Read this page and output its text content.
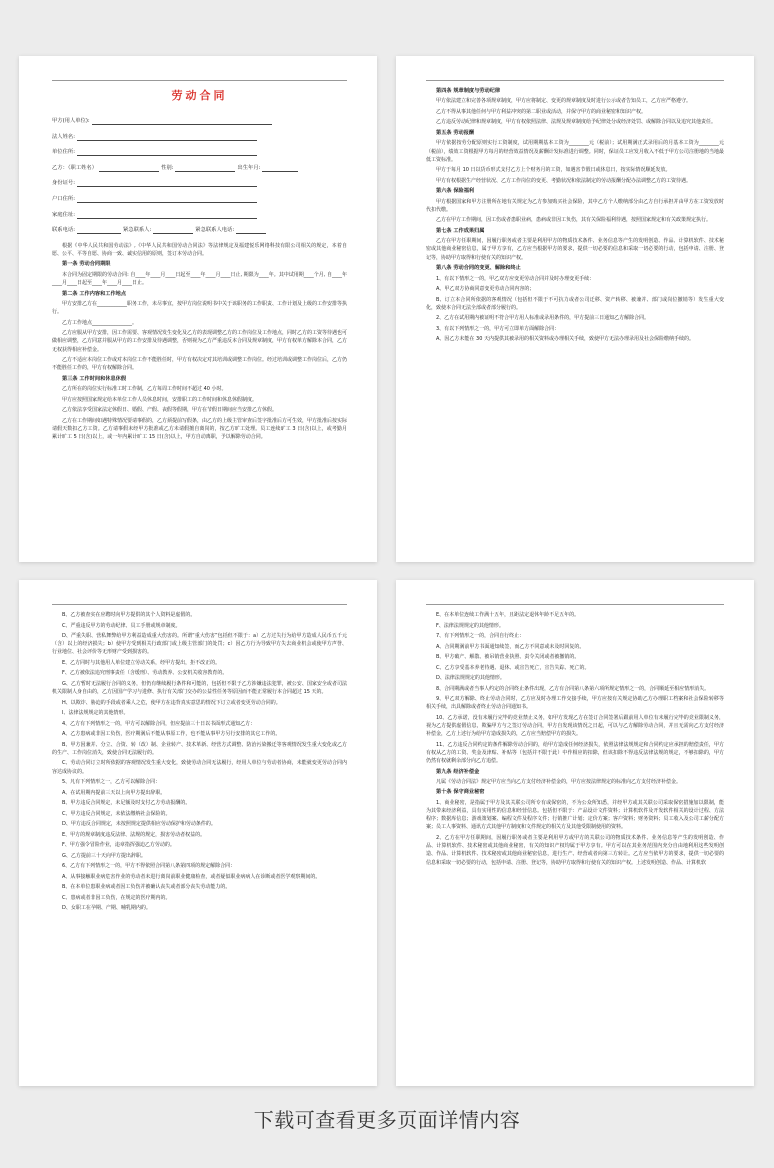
劳动合同
甲方(用人单位):
法人姓名:
单位住所:
乙方：（职工姓名）	性别:	出生年月:
身份证号:
户口住所:
家庭住址:
联系电话:	紧急联系人:	紧急联系人电话:
根据《中华人民共和国劳动法》,《中华人民共和国劳动合同法》等法律规定及福建悦乐网络科技有限公司相关的规定，本着自愿、公平、平等自愿、协商一致、诚实信用的原则，签订本劳动合同。
第一条 劳动合同期限
本合同为固定期限的劳动合同: 自____年____月____日起至____年____月____日止, 期限为____年。其中试用期____个月, 自____年____月____日起至____年____月____日止。
第二条 工作内容和工作地点
甲方安排乙方在____________职务工作，未尽事宜，按甲方岗位说明书中关于该职务的工作职责、工作计划及上级的工作安排等执行。
乙方工作地点________________。
乙方应服从甲方安排，因工作需要、客观情况发生变化及乙方的表现调整乙方的工作岗位及工作地点，同时乙方的工资等待遇也可做相应调整，乙方同意并服从甲方的工作安排及待遇调整，否则视为乙方严重违反本合同及规章制度，甲方有权单方解除本合同，乙方无权获得相应补偿金。
乙方不适应本岗位工作或对本岗位工作不能胜任时，甲方有权决定对其培训或调整工作岗位。经过培训或调整工作岗位后，乙方仍不能胜任工作的，甲方有权解除合同。
第三条 工作时间和休息休假
乙方所在的岗位实行标准工时工作制，乙方每周工作时间不超过 40 小时。
甲方应按照国家规定给本单位工作人员休息时间，安排职工的工作时间和休息休假制度。
乙方依法享受国家法定休假日、婚假、产假、丧假等假期，甲方在节假日期间应当安排乙方休假。
乙方在工作期间如遇特殊情况要请事假的，乙方须提前写假条，由乙方的上级主管审查后签字批准后方可生效，甲方批准后按实际请假天数扣乙方工资。乙方请事假未经甲方批准或乙方未请假擅自离岗的，按乙方旷工处理。员工连续旷工 3 日(含)以上，或考勤月累计旷工 5 日(含)以上，或一年内累计旷工 15 日(含)以上，甲方自动离职，予以解除劳动合同。
第四条 规章制度与劳动纪律
甲方依法建立和完善各项规章制度，甲方应将制定、变更的规章制度及时进行公示或者告知员工，乙方应严格遵守。
乙方不得从事其他任何与甲方利益冲突的第二职业或活动，并保守甲方的商业秘密和知识产权。
乙方违反劳动纪律和规章制度，甲方有权依照法律、法规及规章制度给予纪律处分或经济处罚、或解除合同以及追究其他责任。
第五条 劳动报酬
甲方依据按劳分配原则实行工资制度，试用期期基本工资为________元（税前）；试用期满正式录用后的月基本工资为________元（税前），绩效工资根据甲方每月的经营效益情况及薪酬计发标准进行调整。同时，保证员工应发月收入不低于甲方公司注册地的当地最低工资标准。
甲方于每月 10 日以货币形式支付乙方上个财务月的工资，如遇害节假日或休息日，按实际情况顺延发放。
甲方有权根据生产经营状况、乙方工作岗位的变更、考勤状况和依法制定的劳动报酬分配办法调整乙方的工资待遇。
第六条 保险福利
甲方根据国家和甲方注册所在地有关规定为乙方参加购买社会保险，其中乙方个人缴纳部分由乙方自行承担并由甲方在工资发放时代扣代缴。
乙方在甲方工作期间，因工伤或者患职业病，患病或非因工负伤，其有关保险福利待遇，按照国家规定和有关政策规定执行。
第七条 工作成果归属
乙方在甲方任职期间，因履行职务或者主要是利用甲方的物质技术条件、业务信息等产生的发明创造、作品、计算机软件、技术秘密或其他商业秘密信息，属于甲方享有，乙方应当根据甲方的要求，提供一切必要的信息和采取一切必要的行动，包括申请、注册、登记等，协助甲方取得和行使有关的知识产权。
第八条 劳动合同的变更、解除和终止
1、有以下情形之一的，甲乙双方应变更劳动合同并及时办理变更手续：
A、甲乙双方协商同意变更劳动合同内容的；
B、订立本合同所依据的客观情况（包括但不限于不可抗力或者公司迁移、资产转移、被兼并、部门或岗位撤销等）发生重大变化，致使本合同无法全部或者部分履行的。
2、乙方在试用期内被证明不符合甲方用人标准或录用条件的，甲方提前三日通知乙方解除合同。
3、有以下列情形之一的，甲方可立即单方面解除合同：
A、因乙方未能在 30 天内提供其被录用的相关资料或办理相关手续，致使甲方无法办理录用及社会保险缴纳手续的。
B、乙方被查实在应聘时向甲方提供的其个人资料是虚假的。
C、严重违反甲方的劳动纪律、员工手册或规章制度。
D、严重失职、营私舞弊给甲方利益造成重大伤害的。所谓“重大伤害”包括但不限于：a）乙方过失行为给甲方造成人民币五千元（含）以上的经济损失；b）使甲方受到相关行政部门或上级主管部门的处罚；c）因乙方行为导致甲方失去商业机会或使甲方声誉、行业地位、社会评价等无形财产受到损害的。
E、乙方同时与其他用人单位建立劳动关系，经甲方提出，拒不改正的。
F、乙方被依法追究刑事责任（含缓刑）、劳动教养、公安机关收容教育的。
G、乙方暂时无法履行合同的义务，但仍有继续履行条件和可能的，包括但不限于乙方涉嫌违法犯罪，被公安、国家安全或者司法机关限制人身自由的，乙方因国产学习与进修、执行有关部门交办的公益性任务等原因而不能正常履行本合同超过 15 天的。
H、以欺诈、胁迫的手段或者乘人之危，使甲方在违背真实意思的情况下订立或者变更劳动合同的。
I、法律法规规定的其他情形。
4、乙方有下列情形之一的，甲方可以解除合同，但应提前三十日以书面形式通知乙方：
A、乙方患病或非因工负伤，医疗期满后不能从事原工作，也不能从事甲方另行安排的其它工作的。
B、甲方因兼并、分立、合资、转（改）制、企业转产、技术革新、经营方式调整、防治污染搬迁等客观情况发生重大变化或乙方的生产、工作岗位消失，致使合同无法履行的。
C、劳动合同订立时所依据的客观情况发生重大变化，致使劳动合同无法履行，经用人单位与劳动者协商，未能就变更劳动合同内容达成协议的。
5、凡有下列情形之一，乙方可以解除合同：
A、在试用期内提前三天以上向甲方提出辞职。
B、甲方违反合同规定，未足额及时支付乙方劳动报酬的。
C、甲方违反合同规定，未依法缴纳社会保险的。
D、甲方违反合同规定，未按照规定提供相应劳动保护和劳动条件的。
E、甲方的规章制度违反法律、法规的规定，损害劳动者权益的。
F、甲方强令冒险作业，违章指挥强迫乙方劳动的。
G、乙方提前三十天向甲方提出辞职。
6、乙方有下列情形之一的，甲方不得依照合同第八条第四项的规定解除合同：
A、从事接触职业病危害作业的劳动者未进行离岗前职业健康检查，或者疑似职业病病人在诊断或者医学观察期间的。
B、在本单位患职业病或者因工负伤并被确认丧失或者部分丧失劳动能力的。
C、患病或者非因工负伤，在规定的医疗期内的。
D、女职工在孕期、产期、哺乳期内的。
E、在本单位连续工作满十五年，且距法定退休年龄不足五年的。
F、法律法规规定的其他情形。
7、有下列情形之一的，合同自行终止：
A、合同期满前甲方书面通知续签，而乙方不同意或未及时回复的。
B、甲方破产、解散、被吊销营业执照、责令关闭或者被撤销的。
C、乙方享受基本养老待遇、退休、或宣告死亡，宣告失踪、死亡的。
D、法律法规规定的其他情形。
8、合同期满或者当事人约定的合同终止条件出现，乙方有合同第八条第六项所规定情形之一的，合同顺延至相应情形消失。
9、甲乙双方解除、终止劳动合同时，乙方应及时办理工作交接手续，甲方应按有关规定协助乙方办理职工档案和社会保险转移等相关手续，出具解除或者终止劳动合同通知书。
10、乙方承诺，没有未履行完毕的竞业禁止义务，如甲方发现乙方在签订合同签署后跟前用人单位有未履行完毕的竞业限制义务，视为乙方提供虚假信息，欺骗甲方与之签订劳动合同，甲方自发现该情况之日起，可以与乙方解除劳动合同，并且无需向乙方支付经济补偿金，乙方上述行为给甲方造成损失的，乙方应当赔偿甲方的损失。
11、乙方违反合同约定的条件解除劳动合同的，给甲方造成任何经济损失，依照法律法规规定和合同约定应承担的赔偿责任，甲方有权从乙方的工资、奖金及津贴、补贴等（包括并不限于此）中作相应的扣除，但该扣除不得违反法律法规的规定，不够扣除的，甲方仍然有权就剩余部分向乙方追偿。
第九条 经济补偿金
凡属《劳动合同法》规定甲方应当向乙方支付经济补偿金的，甲方应按法律规定的标准向乙方支付经济补偿金。
第十条 保守商业秘密
1、商业秘密，是指属于甲方及其关联公司所专有或保密的，不为公众所知悉，并经甲方或其关联公司采取保密措施加以限制，能为其带来经济利益，具有实用性的信息和经营信息。包括但不限于：产品设计文件资料；计算机软件及开发软件相关的设计过程、方法程序；数据库信息；游戏策划案、编程文件及程序文件；行销推广计划；定价方案；客户资料；财务资料；员工收入及公司工薪分配方案；员工人事资料、通讯方式其他甲方制度和文件规定的相关方及其他受限制使用的资料。
2、乙方在甲方任职期间，因履行职务或者主要是利用甲方或甲方的关联公司的物质技术条件、业务信息等产生的发明创造、作品、计算机软件、技术秘密或其他商业秘密，有关的知识产权均属于甲方享有。甲方可以在其业务范围内充分自由地利用这些发明创造、作品、计算机软件、技术秘密或其他商业秘密信息，进行生产、经营或者向第三方转让。乙方应当依甲方的要求，提供一切必要的信息和采取一切必要的行动，包括申请、注册、登记等，协助甲方取得和行使有关的知识产权。上述发明创造、作品、计算机软
下载可查看更多页面详情内容
